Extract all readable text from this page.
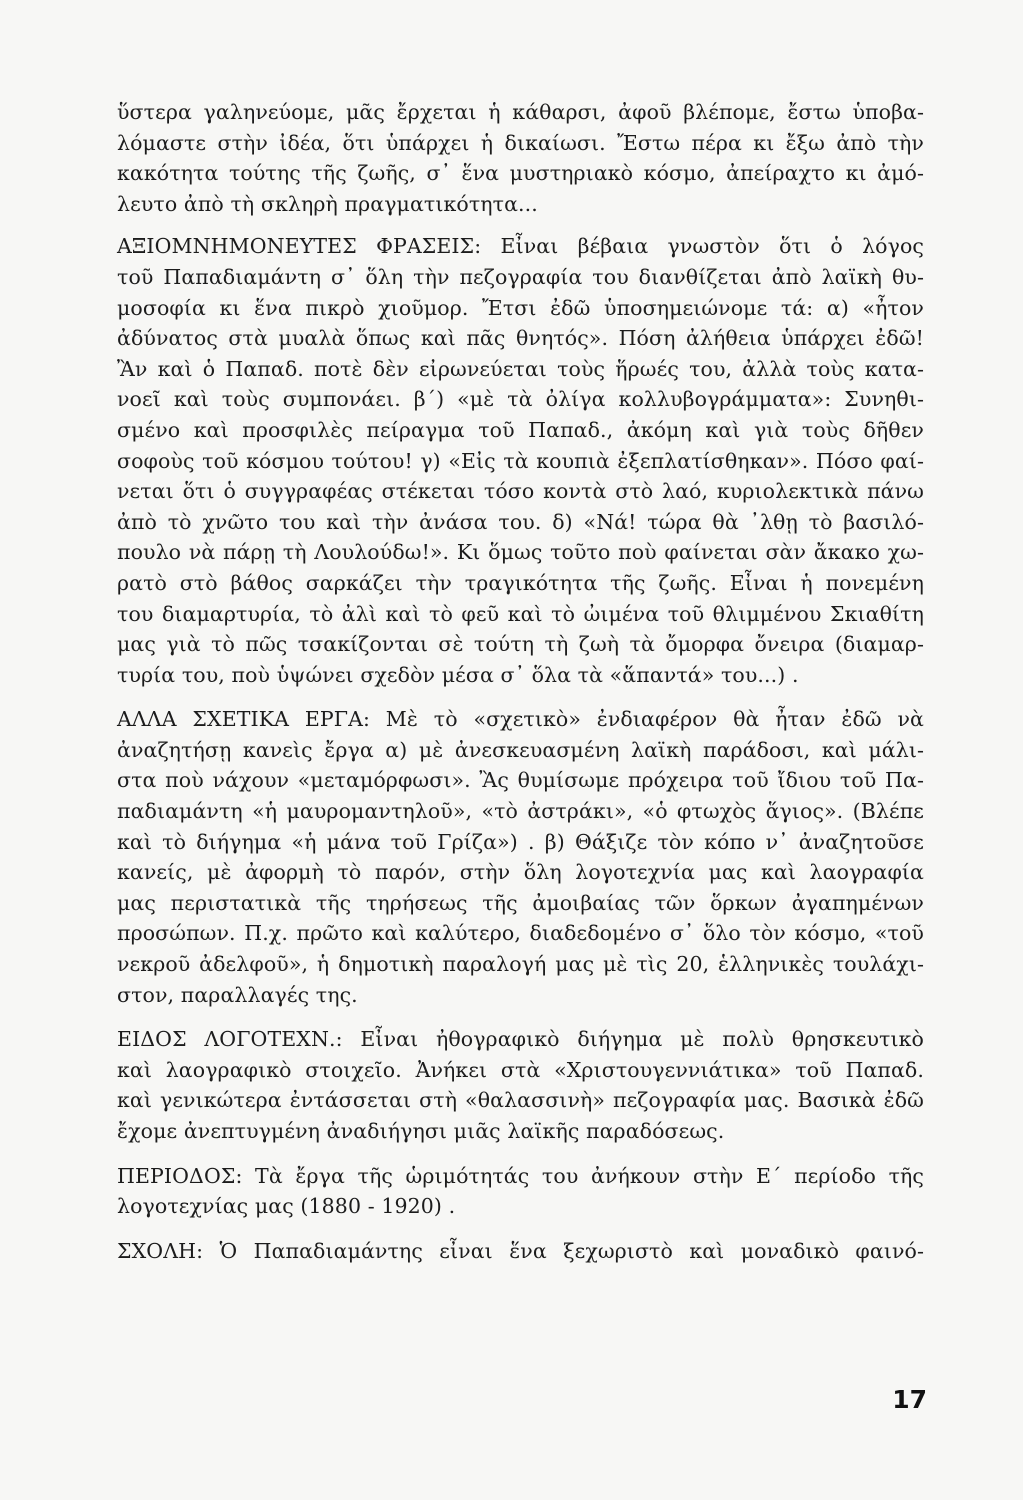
ὕστερα γαληνεύομε, μᾶς ἔρχεται ἡ κάθαρσι, ἀφοῦ βλέπομε, ἔστω ὑποβα-
λόμαστε στὴν ἰδέα, ὅτι ὑπάρχει ἡ δικαίωσι. Ἔστω πέρα κι ἔξω ἀπὸ τὴν
κακότητα τούτης τῆς ζωῆς, σ᾽ ἕνα μυστηριακὸ κόσμο, ἀπείραχτο κι ἀμό-
λευτο ἀπὸ τὴ σκληρὴ πραγματικότητα...
ΑΞΙΟΜΝΗΜΟΝΕΥΤΕΣ ΦΡΑΣΕΙΣ: Εἶναι βέβαια γνωστὸν ὅτι ὁ λόγος
τοῦ Παπαδιαμάντη σ᾽ ὅλη τὴν πεζογραφία του διανθίζεται ἀπὸ λαϊκὴ θυ-
μοσοφία κι ἕνα πικρὸ χιοῦμορ. Ἔτσι ἐδῶ ὑποσημειώνομε τά: α) «ἦτον
ἀδύνατος στὰ μυαλὰ ὅπως καὶ πᾶς θνητός». Πόση ἀλήθεια ὑπάρχει ἐδῶ!
Ἂν καὶ ὁ Παπαδ. ποτὲ δὲν εἰρωνεύεται τοὺς ἥρωές του, ἀλλὰ τοὺς κατα-
νοεῖ καὶ τοὺς συμπονάει. β΄) «μὲ τὰ ὀλίγα κολλυβογράμματα»: Συνηθι-
σμένο καὶ προσφιλὲς πείραγμα τοῦ Παπαδ., ἀκόμη καὶ γιὰ τοὺς δῆθεν
σοφοὺς τοῦ κόσμου τούτου! γ) «Εἰς τὰ κουπιὰ ἐξεπλατίσθηκαν». Πόσο φαί-
νεται ὅτι ὁ συγγραφέας στέκεται τόσο κοντὰ στὸ λαό, κυριολεκτικὰ πάνω
ἀπὸ τὸ χνῶτο του καὶ τὴν ἀνάσα του. δ) «Νά! τώρα θὰ ᾽λθῃ τὸ βασιλό-
πουλο νὰ πάρῃ τὴ Λουλούδω!». Κι ὅμως τοῦτο ποὺ φαίνεται σὰν ἄκακο χω-
ρατὸ στὸ βάθος σαρκάζει τὴν τραγικότητα τῆς ζωῆς. Εἶναι ἡ πονεμένη
του διαμαρτυρία, τὸ ἀλὶ καὶ τὸ φεῦ καὶ τὸ ὠιμένα τοῦ θλιμμένου Σκιαθίτη
μας γιὰ τὸ πῶς τσακίζονται σὲ τούτη τὴ ζωὴ τὰ ὄμορφα ὄνειρα (διαμαρ-
τυρία του, ποὺ ὑψώνει σχεδὸν μέσα σ᾽ ὅλα τὰ «ἅπαντά» του...) .
ΑΛΛΑ ΣΧΕΤΙΚΑ ΕΡΓΑ: Μὲ τὸ «σχετικὸ» ἐνδιαφέρον θὰ ἦταν ἐδῶ νὰ
ἀναζητήσῃ κανεὶς ἔργα α) μὲ ἀνεσκευασμένη λαϊκὴ παράδοσι, καὶ μάλι-
στα ποὺ νάχουν «μεταμόρφωσι». Ἂς θυμίσωμε πρόχειρα τοῦ ἴδιου τοῦ Πα-
παδιαμάντη «ἡ μαυρομαντηλοῦ», «τὸ ἀστράκι», «ὁ φτωχὸς ἅγιος». (Βλέπε
καὶ τὸ διήγημα «ἡ μάνα τοῦ Γρίζα») . β) Θάξιζε τὸν κόπο ν᾽ ἀναζητοῦσε
κανείς, μὲ ἀφορμὴ τὸ παρόν, στὴν ὅλη λογοτεχνία μας καὶ λαογραφία
μας περιστατικὰ τῆς τηρήσεως τῆς ἀμοιβαίας τῶν ὅρκων ἀγαπημένων
προσώπων. Π.χ. πρῶτο καὶ καλύτερο, διαδεδομένο σ᾽ ὅλο τὸν κόσμο, «τοῦ
νεκροῦ ἀδελφοῦ», ἡ δημοτικὴ παραλογή μας μὲ τὶς 20, ἑλληνικὲς τουλάχι-
στον, παραλλαγές της.
ΕΙΔΟΣ ΛΟΓΟΤΕΧΝ.: Εἶναι ἠθογραφικὸ διήγημα μὲ πολὺ θρησκευτικὸ
καὶ λαογραφικὸ στοιχεῖο. Ἀνήκει στὰ «Χριστουγεννιάτικα» τοῦ Παπαδ.
καὶ γενικώτερα ἐντάσσεται στὴ «θαλασσινὴ» πεζογραφία μας. Βασικὰ ἐδῶ
ἔχομε ἀνεπτυγμένη ἀναδιήγησι μιᾶς λαϊκῆς παραδόσεως.
ΠΕΡΙΟΔΟΣ: Τὰ ἔργα τῆς ὡριμότητάς του ἀνήκουν στὴν Ε΄ περίοδο τῆς
λογοτεχνίας μας (1880 - 1920) .
ΣΧΟΛΗ: Ὁ Παπαδιαμάντης εἶναι ἕνα ξεχωριστὸ καὶ μοναδικὸ φαινό-
17
